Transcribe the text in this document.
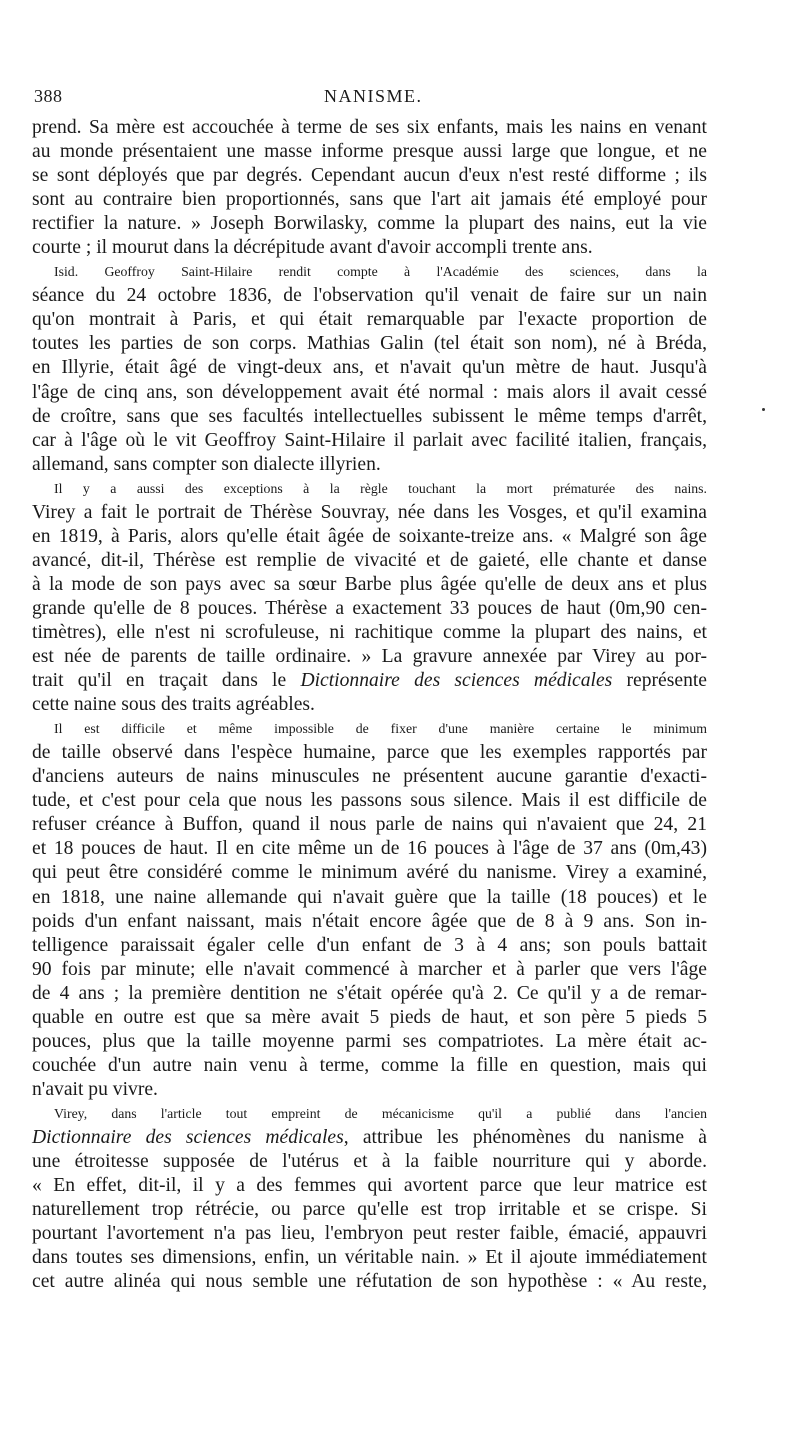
388	NANISME.
prend. Sa mère est accouchée à terme de ses six enfants, mais les nains en venant
au monde présentaient une masse informe presque aussi large que longue, et ne
se sont déployés que par degrés. Cependant aucun d'eux n'est resté difforme ; ils
sont au contraire bien proportionnés, sans que l'art ait jamais été employé pour
rectifier la nature. » Joseph Borwilasky, comme la plupart des nains, eut la vie
courte ; il mourut dans la décrépitude avant d'avoir accompli trente ans.
Isid. Geoffroy Saint-Hilaire rendit compte à l'Académie des sciences, dans la
séance du 24 octobre 1836, de l'observation qu'il venait de faire sur un nain
qu'on montrait à Paris, et qui était remarquable par l'exacte proportion de
toutes les parties de son corps. Mathias Galin (tel était son nom), né à Bréda,
en Illyrie, était âgé de vingt-deux ans, et n'avait qu'un mètre de haut. Jusqu'à
l'âge de cinq ans, son développement avait été normal : mais alors il avait cessé
de croître, sans que ses facultés intellectuelles subissent le même temps d'arrêt,
car à l'âge où le vit Geoffroy Saint-Hilaire il parlait avec facilité italien, français,
allemand, sans compter son dialecte illyrien.
Il y a aussi des exceptions à la règle touchant la mort prématurée des nains.
Virey a fait le portrait de Thérèse Souvray, née dans les Vosges, et qu'il examina
en 1819, à Paris, alors qu'elle était âgée de soixante-treize ans. « Malgré son âge
avancé, dit-il, Thérèse est remplie de vivacité et de gaieté, elle chante et danse
à la mode de son pays avec sa sœur Barbe plus âgée qu'elle de deux ans et plus
grande qu'elle de 8 pouces. Thérèse a exactement 33 pouces de haut (0m,90 cen-
timètres), elle n'est ni scrofuleuse, ni rachitique comme la plupart des nains, et
est née de parents de taille ordinaire. » La gravure annexée par Virey au por-
trait qu'il en traçait dans le Dictionnaire des sciences médicales représente
cette naine sous des traits agréables.
Il est difficile et même impossible de fixer d'une manière certaine le minimum
de taille observé dans l'espèce humaine, parce que les exemples rapportés par
d'anciens auteurs de nains minuscules ne présentent aucune garantie d'exacti-
tude, et c'est pour cela que nous les passons sous silence. Mais il est difficile de
refuser créance à Buffon, quand il nous parle de nains qui n'avaient que 24, 21
et 18 pouces de haut. Il en cite même un de 16 pouces à l'âge de 37 ans (0m,43)
qui peut être considéré comme le minimum avéré du nanisme. Virey a examiné,
en 1818, une naine allemande qui n'avait guère que la taille (18 pouces) et le
poids d'un enfant naissant, mais n'était encore âgée que de 8 à 9 ans. Son in-
telligence paraissait égaler celle d'un enfant de 3 à 4 ans; son pouls battait
90 fois par minute; elle n'avait commencé à marcher et à parler que vers l'âge
de 4 ans ; la première dentition ne s'était opérée qu'à 2. Ce qu'il y a de remar-
quable en outre est que sa mère avait 5 pieds de haut, et son père 5 pieds 5
pouces, plus que la taille moyenne parmi ses compatriotes. La mère était ac-
couchée d'un autre nain venu à terme, comme la fille en question, mais qui
n'avait pu vivre.
Virey, dans l'article tout empreint de mécanicisme qu'il a publié dans l'ancien
Dictionnaire des sciences médicales, attribue les phénomènes du nanisme à
une étroitesse supposée de l'utérus et à la faible nourriture qui y aborde.
« En effet, dit-il, il y a des femmes qui avortent parce que leur matrice est
naturellement trop rétrécie, ou parce qu'elle est trop irritable et se crispe. Si
pourtant l'avortement n'a pas lieu, l'embryon peut rester faible, émacié, appauvri
dans toutes ses dimensions, enfin, un véritable nain. » Et il ajoute immédiatement
cet autre alinéa qui nous semble une réfutation de son hypothèse : « Au reste,
